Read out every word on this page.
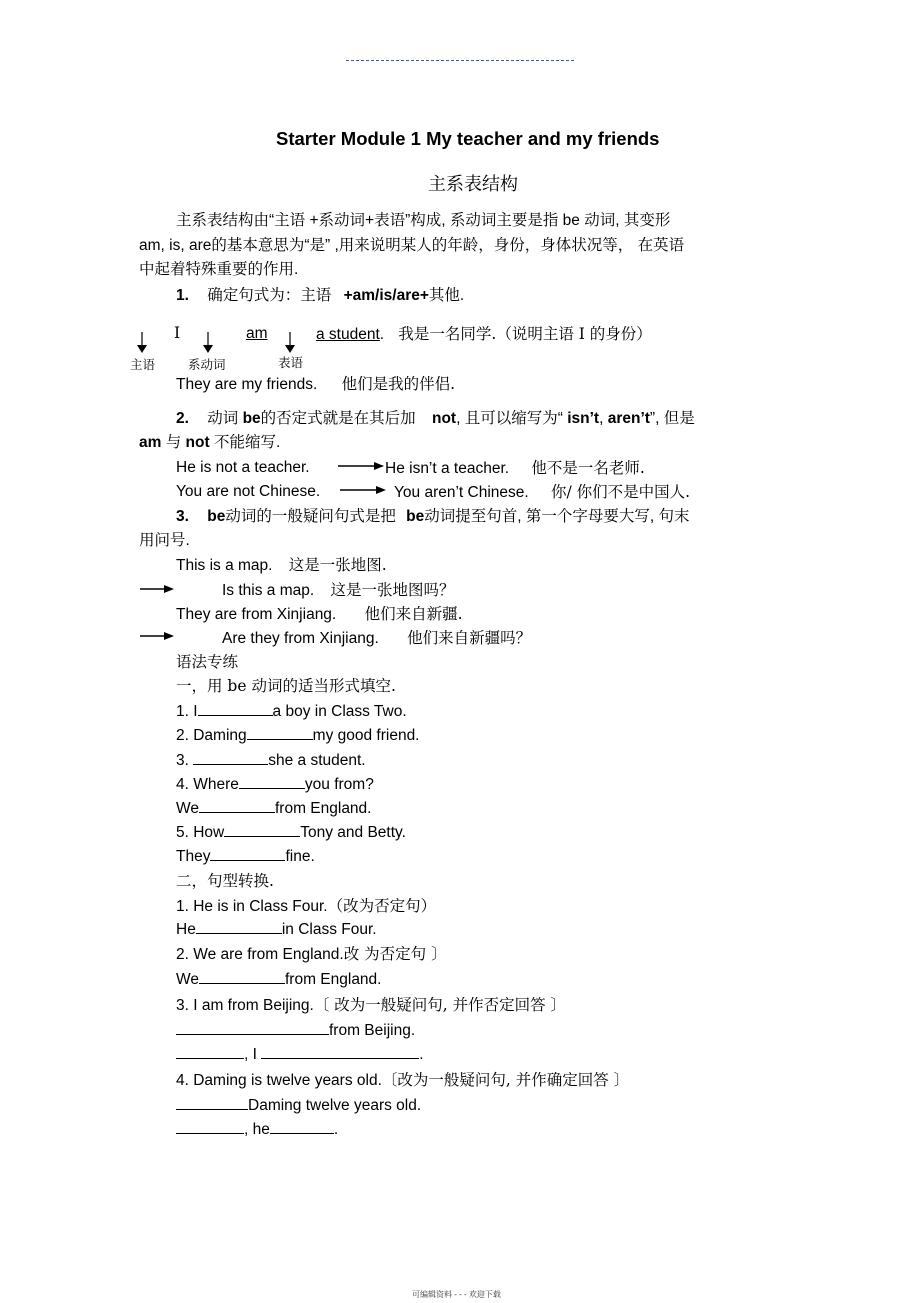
Starter Module 1 My teacher and my friends
主系表结构
主系表结构由“主语 +系动词+表语”构成, 系动词主要是指 be 动词, 其变形
am, is, are的基本意思为“是” ,用来说明某人的年龄，身份，身体状况等， 在英语
中起着特殊重要的作用.
1. 确定句式为：主语 +am/is/are+其他.
I	am	a student. 我是一名同学.（说明主语 I 的身份）
主语	系动词	表语
They are my friends. 他们是我的伴侣.
2. 动词 be的否定式就是在其后加 not, 且可以缩写为“ isn’t, aren’t”, 但是
am 与 not 不能缩写.
He is not a teacher.	He isn’t a teacher. 他不是一名老师.
You are not Chinese.	You aren’t Chinese. 你/ 你们不是中国人.
3. be动词的一般疑问句式是把 be动词提至句首, 第一个字母要大写, 句末
用问号.
This is a map. 这是一张地图.
Is this a map. 这是一张地图吗？
They are from Xinjiang. 他们来自新疆.
Are they from Xinjiang. 他们来自新疆吗？
语法专练
一，用 be 动词的适当形式填空.
1. I	a boy in Class Two.
2. Daming	my good friend.
3.	she a student.
4. Where	you from?
We	from England.
5. How	Tony and Betty.
They	fine.
二，句型转换.
1. He is in Class Four.（改为否定句）
He	in Class Four.
2. We are from England.改 为否定句 〕
We	from England.
3. I am from Beijing.〔 改为一般疑问句, 并作否定回答 〕
from Beijing.
, I	.
4. Daming is twelve years old.〔改为一般疑问句, 并作确定回答 〕
Daming twelve years old.
, he	.
可编辑资料 - - - 欢迎下载
